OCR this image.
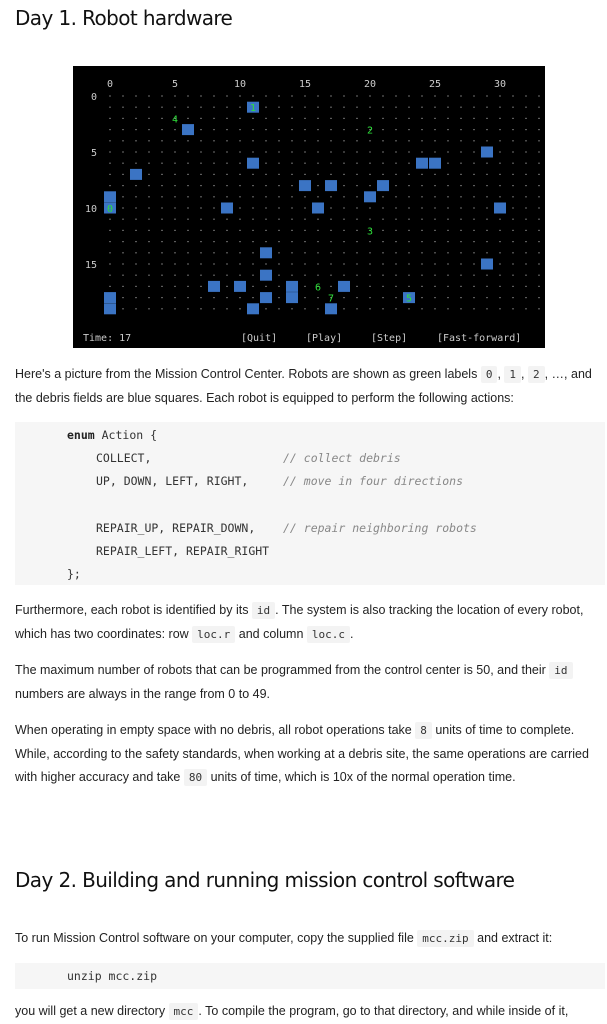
Day 1. Robot hardware
0	5	10	15	20	25	30
0
5
10
15
0
1
2
3
4
5
6
7
Time: 17	[Quit]	[Play]	[Step]	[Fast-forward]

Here's a picture from the Mission Control Center. Robots are shown as green labels 0 , 1 , 2 , …, and the debris fields are blue squares. Each robot is equipped to perform the following actions:

enum Action {
COLLECT,	// collect debris
UP, DOWN, LEFT, RIGHT,	// move in four directions
REPAIR_UP, REPAIR_DOWN, // repair neighboring robots
REPAIR_LEFT, REPAIR_RIGHT
};

Furthermore, each robot is identified by its id . The system is also tracking the location of every robot, which has two coordinates: row loc.r and column loc.c .

The maximum number of robots that can be programmed from the control center is 50, and their id numbers are always in the range from 0 to 49.

When operating in empty space with no debris, all robot operations take 8 units of time to complete. While, according to the safety standards, when working at a debris site, the same operations are carried with higher accuracy and take 80 units of time, which is 10x of the normal operation time.

Day 2. Building and running mission control software

To run Mission Control software on your computer, copy the supplied file mcc.zip and extract it:

unzip mcc.zip

you will get a new directory mcc . To compile the program, go to that directory, and while inside of it,
